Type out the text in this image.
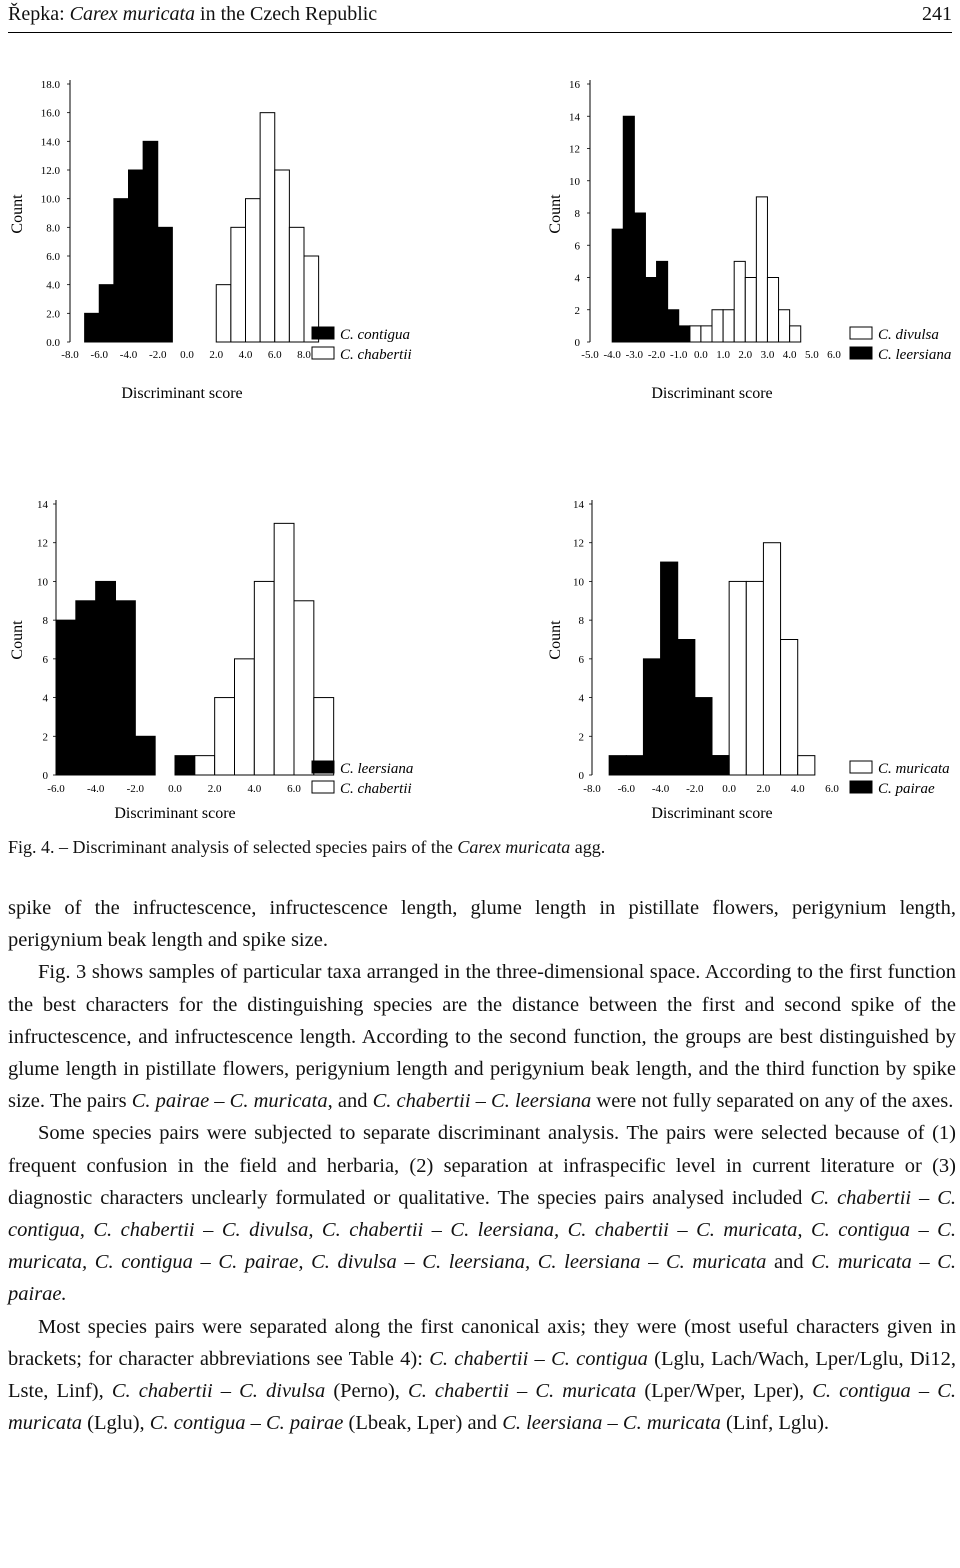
Řepka: Carex muricata in the Czech Republic	241
0.0
2.0
4.0
6.0
8.0
10.0
12.0
14.0
16.0
18.0
Count
-8.0 -6.0 -4.0 -2.0 0.0 2.0 4.0 6.0 8.0
Discriminant score
C. contigua
C. chabertii
0
2
4
6
8
10
12
14
16
Count
-5.0 -4.0 -3.0 -2.0 -1.0 0.0 1.0 2.0 3.0 4.0 5.0 6.0
Discriminant score
C. divulsa
C. leersiana
0
2
4
6
8
10
12
14
Count
-6.0 -4.0 -2.0 0.0 2.0 4.0 6.0
Discriminant score
C. leersiana
C. chabertii
0
2
4
6
8
10
12
14
Count
-8.0 -6.0 -4.0 -2.0 0.0 2.0 4.0 6.0
Discriminant score
C. muricata
C. pairae
Fig. 4. – Discriminant analysis of selected species pairs of the Carex muricata agg.

spike of the infructescence, infructescence length, glume length in pistillate flowers, perigynium length, perigynium beak length and spike size.

Fig. 3 shows samples of particular taxa arranged in the three-dimensional space. According to the first function the best characters for the distinguishing species are the distance between the first and second spike of the infructescence, and infructescence length. According to the second function, the groups are best distinguished by glume length in pistillate flowers, perigynium length and perigynium beak length, and the third function by spike size. The pairs C. pairae – C. muricata, and C. chabertii – C. leersiana were not fully separated on any of the axes.

Some species pairs were subjected to separate discriminant analysis. The pairs were selected because of (1) frequent confusion in the field and herbaria, (2) separation at infraspecific level in current literature or (3) diagnostic characters unclearly formulated or qualitative. The species pairs analysed included C. chabertii – C. contigua, C. chabertii – C. divulsa, C. chabertii – C. leersiana, C. chabertii – C. muricata, C. contigua – C. muricata, C. contigua – C. pairae, C. divulsa – C. leersiana, C. leersiana – C. muricata and C. muricata – C. pairae.

Most species pairs were separated along the first canonical axis; they were (most useful characters given in brackets; for character abbreviations see Table 4): C. chabertii – C. contigua (Lglu, Lach/Wach, Lper/Lglu, Di12, Lste, Linf), C. chabertii – C. divulsa (Perno), C. chabertii – C. muricata (Lper/Wper, Lper), C. contigua – C. muricata (Lglu), C. contigua – C. pairae (Lbeak, Lper) and C. leersiana – C. muricata (Linf, Lglu).
